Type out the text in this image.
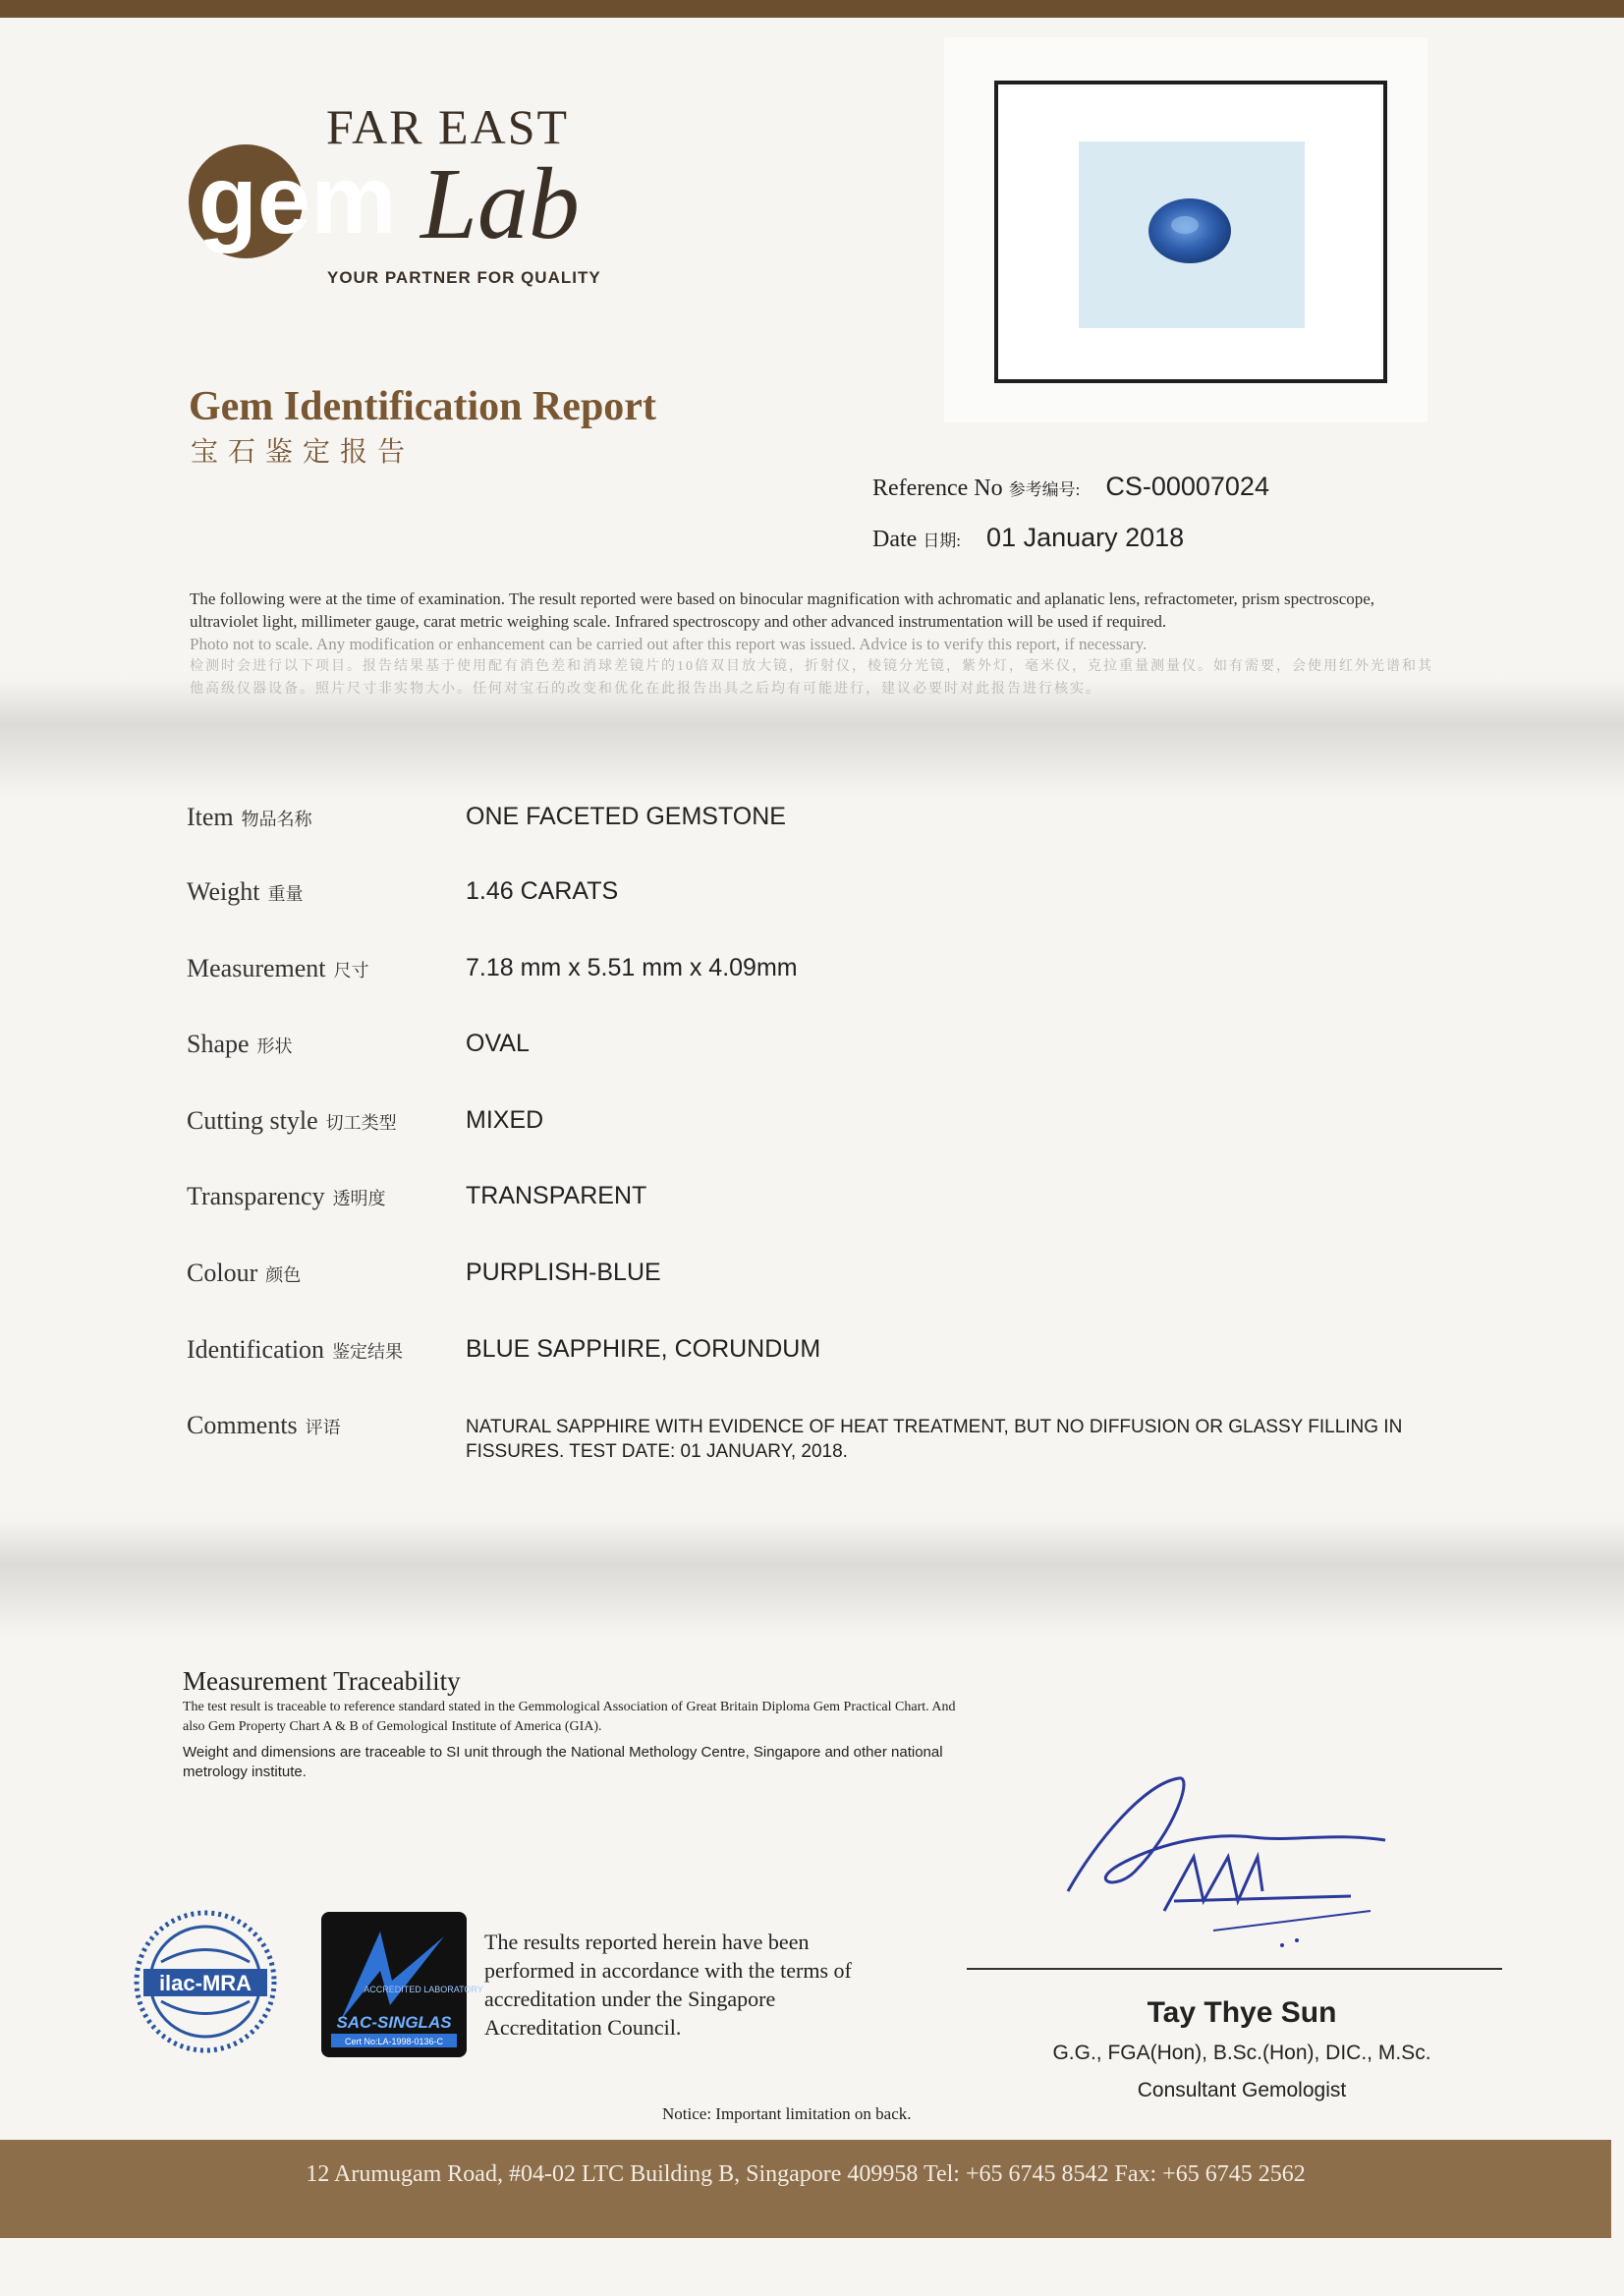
FAR EAST
gem Lab
YOUR PARTNER FOR QUALITY
Gem Identification Report
宝石鉴定报告
Reference No 参考编号: CS-00007024
Date 日期: 01 January 2018
The following were at the time of examination. The result reported were based on binocular magnification with achromatic and aplanatic lens, refractometer, prism spectroscope, ultraviolet light, millimeter gauge, carat metric weighing scale. Infrared spectroscopy and other advanced instrumentation will be used if required.
Photo not to scale. Any modification or enhancement can be carried out after this report was issued. Advice is to verify this report, if necessary.
检测时会进行以下项目。报告结果基于使用配有消色差和消球差镜片的10倍双目放大镜，折射仪，棱镜分光镜，紫外灯，毫米仪，克拉重量测量仪。如有需要，会使用红外光谱和其他高级仪器设备。照片尺寸非实物大小。任何对宝石的改变和优化在此报告出具之后均有可能进行，建议必要时对此报告进行核实。
Item 物品名称	ONE FACETED GEMSTONE
Weight 重量	1.46 CARATS
Measurement 尺寸	7.18 mm x 5.51 mm x 4.09mm
Shape 形状	OVAL
Cutting style 切工类型	MIXED
Transparency 透明度	TRANSPARENT
Colour 颜色	PURPLISH-BLUE
Identification 鉴定结果	BLUE SAPPHIRE, CORUNDUM
Comments 评语	NATURAL SAPPHIRE WITH EVIDENCE OF HEAT TREATMENT, BUT NO DIFFUSION OR GLASSY FILLING IN FISSURES. TEST DATE: 01 JANUARY, 2018.
Measurement Traceability
The test result is traceable to reference standard stated in the Gemmological Association of Great Britain Diploma Gem Practical Chart. And also Gem Property Chart A & B of Gemological Institute of America (GIA).
Weight and dimensions are traceable to SI unit through the National Methology Centre, Singapore and other national metrology institute.
ilac-MRA	ACCREDITED LABORATORY
SAC-SINGLAS
Cert No:LA-1998-0136-C
The results reported herein have been performed in accordance with the terms of accreditation under the Singapore Accreditation Council.	Tay Thye Sun
G.G., FGA(Hon), B.Sc.(Hon), DIC., M.Sc.
Consultant Gemologist
Notice: Important limitation on back.
12 Arumugam Road, #04-02 LTC Building B, Singapore 409958 Tel: +65 6745 8542 Fax: +65 6745 2562
